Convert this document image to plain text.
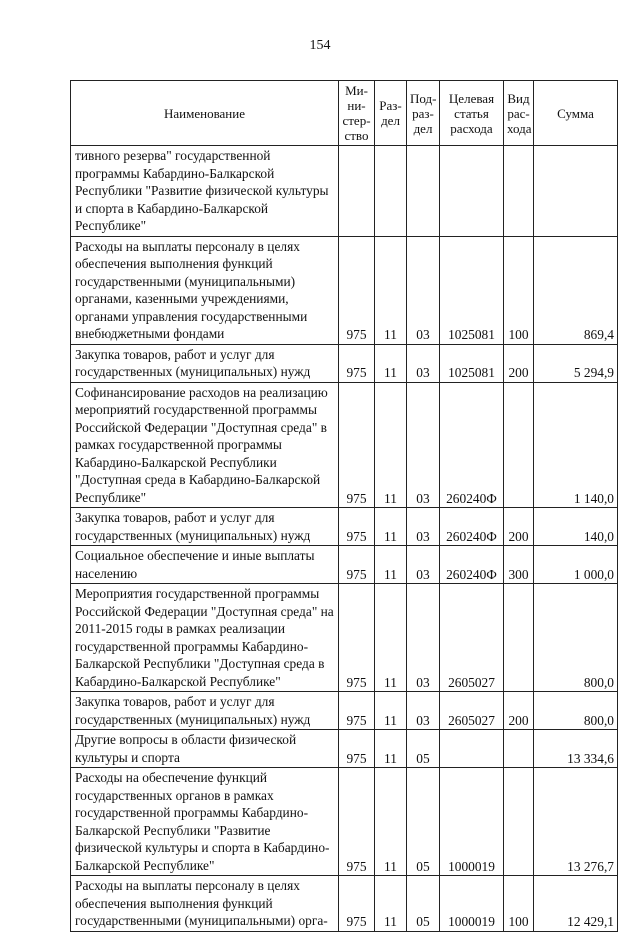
154
Наименование	Ми-ни-стер-ство	Раз-дел	Под-раз-дел	Целевая статья расхода	Вид рас-хода	Сумма
тивного резерва" государственной программы Кабардино-Балкарской Республики "Развитие физической культуры и спорта в Кабардино-Балкарской Республике"						
Расходы на выплаты персоналу в целях обеспечения выполнения функций государственными (муниципальными) органами, казенными учреждениями, органами управления государственными внебюджетными фондами	975	11	03	1025081	100	869,4
Закупка товаров, работ и услуг для государственных (муниципальных) нужд	975	11	03	1025081	200	5 294,9
Софинансирование расходов на реализацию мероприятий государственной программы Российской Федерации "Доступная среда" в рамках государственной программы Кабардино-Балкарской Республики "Доступная среда в Кабардино-Балкарской Республике"	975	11	03	260240Ф		1 140,0
Закупка товаров, работ и услуг для государственных (муниципальных) нужд	975	11	03	260240Ф	200	140,0
Социальное обеспечение и иные выплаты населению	975	11	03	260240Ф	300	1 000,0
Мероприятия государственной программы Российской Федерации "Доступная среда" на 2011-2015 годы в рамках реализации государственной программы Кабардино-Балкарской Республики "Доступная среда в Кабардино-Балкарской Республике"	975	11	03	2605027		800,0
Закупка товаров, работ и услуг для государственных (муниципальных) нужд	975	11	03	2605027	200	800,0
Другие вопросы в области физической культуры и спорта	975	11	05			13 334,6
Расходы на обеспечение функций государственных органов в рамках государственной программы Кабардино-Балкарской Республики "Развитие физической культуры и спорта в Кабардино-Балкарской Республике"	975	11	05	1000019		13 276,7
Расходы на выплаты персоналу в целях обеспечения выполнения функций государственными (муниципальными) орга-	975	11	05	1000019	100	12 429,1
